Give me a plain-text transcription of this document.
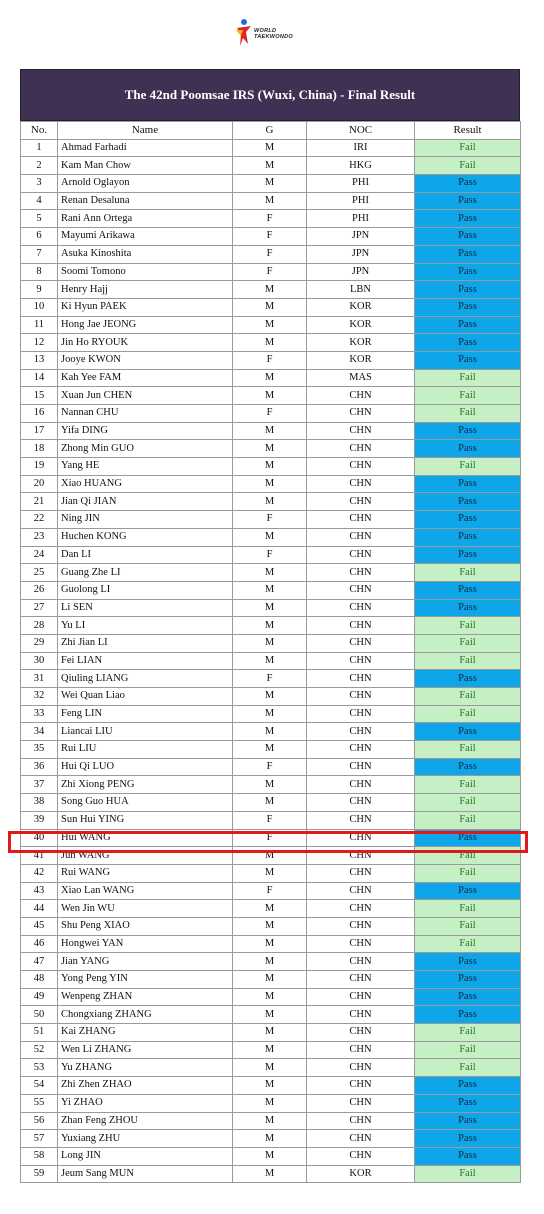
WORLD
TAEKWONDO
The 42nd Poomsae IRS (Wuxi, China) - Final Result
No.	Name	G	NOC	Result
1	Ahmad Farhadi	M	IRI	Fail
2	Kam Man Chow	M	HKG	Fail
3	Arnold Oglayon	M	PHI	Pass
4	Renan Desaluna	M	PHI	Pass
5	Rani Ann Ortega	F	PHI	Pass
6	Mayumi Arikawa	F	JPN	Pass
7	Asuka Kinoshita	F	JPN	Pass
8	Soomi Tomono	F	JPN	Pass
9	Henry Hajj	M	LBN	Pass
10	Ki Hyun PAEK	M	KOR	Pass
11	Hong Jae JEONG	M	KOR	Pass
12	Jin Ho RYOUK	M	KOR	Pass
13	Jooye KWON	F	KOR	Pass
14	Kah Yee FAM	M	MAS	Fail
15	Xuan Jun CHEN	M	CHN	Fail
16	Nannan CHU	F	CHN	Fail
17	Yifa DING	M	CHN	Pass
18	Zhong Min GUO	M	CHN	Pass
19	Yang HE	M	CHN	Fail
20	Xiao HUANG	M	CHN	Pass
21	Jian Qi JIAN	M	CHN	Pass
22	Ning JIN	F	CHN	Pass
23	Huchen KONG	M	CHN	Pass
24	Dan LI	F	CHN	Pass
25	Guang Zhe LI	M	CHN	Fail
26	Guolong LI	M	CHN	Pass
27	Li SEN	M	CHN	Pass
28	Yu LI	M	CHN	Fail
29	Zhi Jian LI	M	CHN	Fail
30	Fei LIAN	M	CHN	Fail
31	Qiuling LIANG	F	CHN	Pass
32	Wei Quan Liao	M	CHN	Fail
33	Feng LIN	M	CHN	Fail
34	Liancai LIU	M	CHN	Pass
35	Rui LIU	M	CHN	Fail
36	Hui Qi LUO	F	CHN	Pass
37	Zhi Xiong PENG	M	CHN	Fail
38	Song Guo HUA	M	CHN	Fail
39	Sun Hui YING	F	CHN	Fail
40	Hui WANG	F	CHN	Pass
41	Jun WANG	M	CHN	Fail
42	Rui WANG	M	CHN	Fail
43	Xiao Lan WANG	F	CHN	Pass
44	Wen Jin WU	M	CHN	Fail
45	Shu Peng XIAO	M	CHN	Fail
46	Hongwei YAN	M	CHN	Fail
47	Jian YANG	M	CHN	Pass
48	Yong Peng YIN	M	CHN	Pass
49	Wenpeng ZHAN	M	CHN	Pass
50	Chongxiang ZHANG	M	CHN	Pass
51	Kai ZHANG	M	CHN	Fail
52	Wen Li ZHANG	M	CHN	Fail
53	Yu ZHANG	M	CHN	Fail
54	Zhi Zhen ZHAO	M	CHN	Pass
55	Yi ZHAO	M	CHN	Pass
56	Zhan Feng ZHOU	M	CHN	Pass
57	Yuxiang ZHU	M	CHN	Pass
58	Long JIN	M	CHN	Pass
59	Jeum Sang MUN	M	KOR	Fail
